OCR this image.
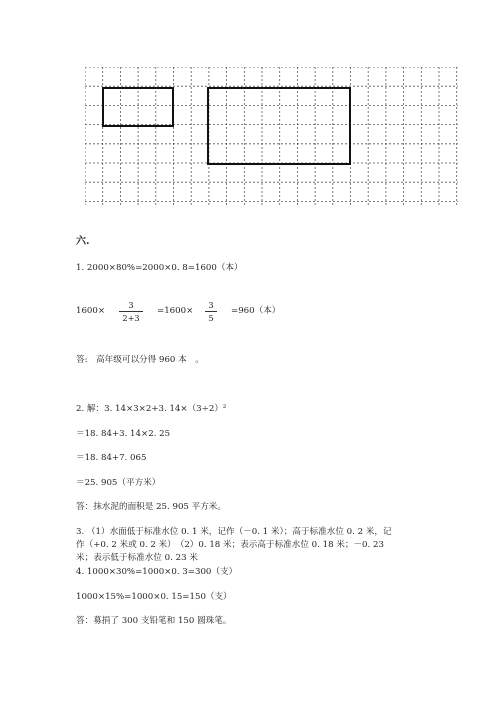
六.
1. 2000×80%=2000×0. 8=1600（本）
1600×
3
2+3
=1600×
3
5
=960（本）
答:　高年级可以分得 960 本　。
2. 解：3. 14×3×2+3. 14×（3÷2）²
＝18. 84+3. 14×2. 25
＝18. 84+7. 065
＝25. 905（平方米）
答：抹水泥的面积是 25. 905 平方米。
3. （1）水面低于标准水位 0. 1 米，记作（－0. 1 米）；高于标准水位 0. 2 米，记
作（+0. 2 米或 0. 2 米）　（2）0. 18 米；表示高于标准水位 0. 18 米；－0. 23
米；表示低于标准水位 0. 23 米
4. 1000×30%=1000×0. 3=300（支）
1000×15%=1000×0. 15=150（支）
答：募捐了 300 支铅笔和 150 圆珠笔。
